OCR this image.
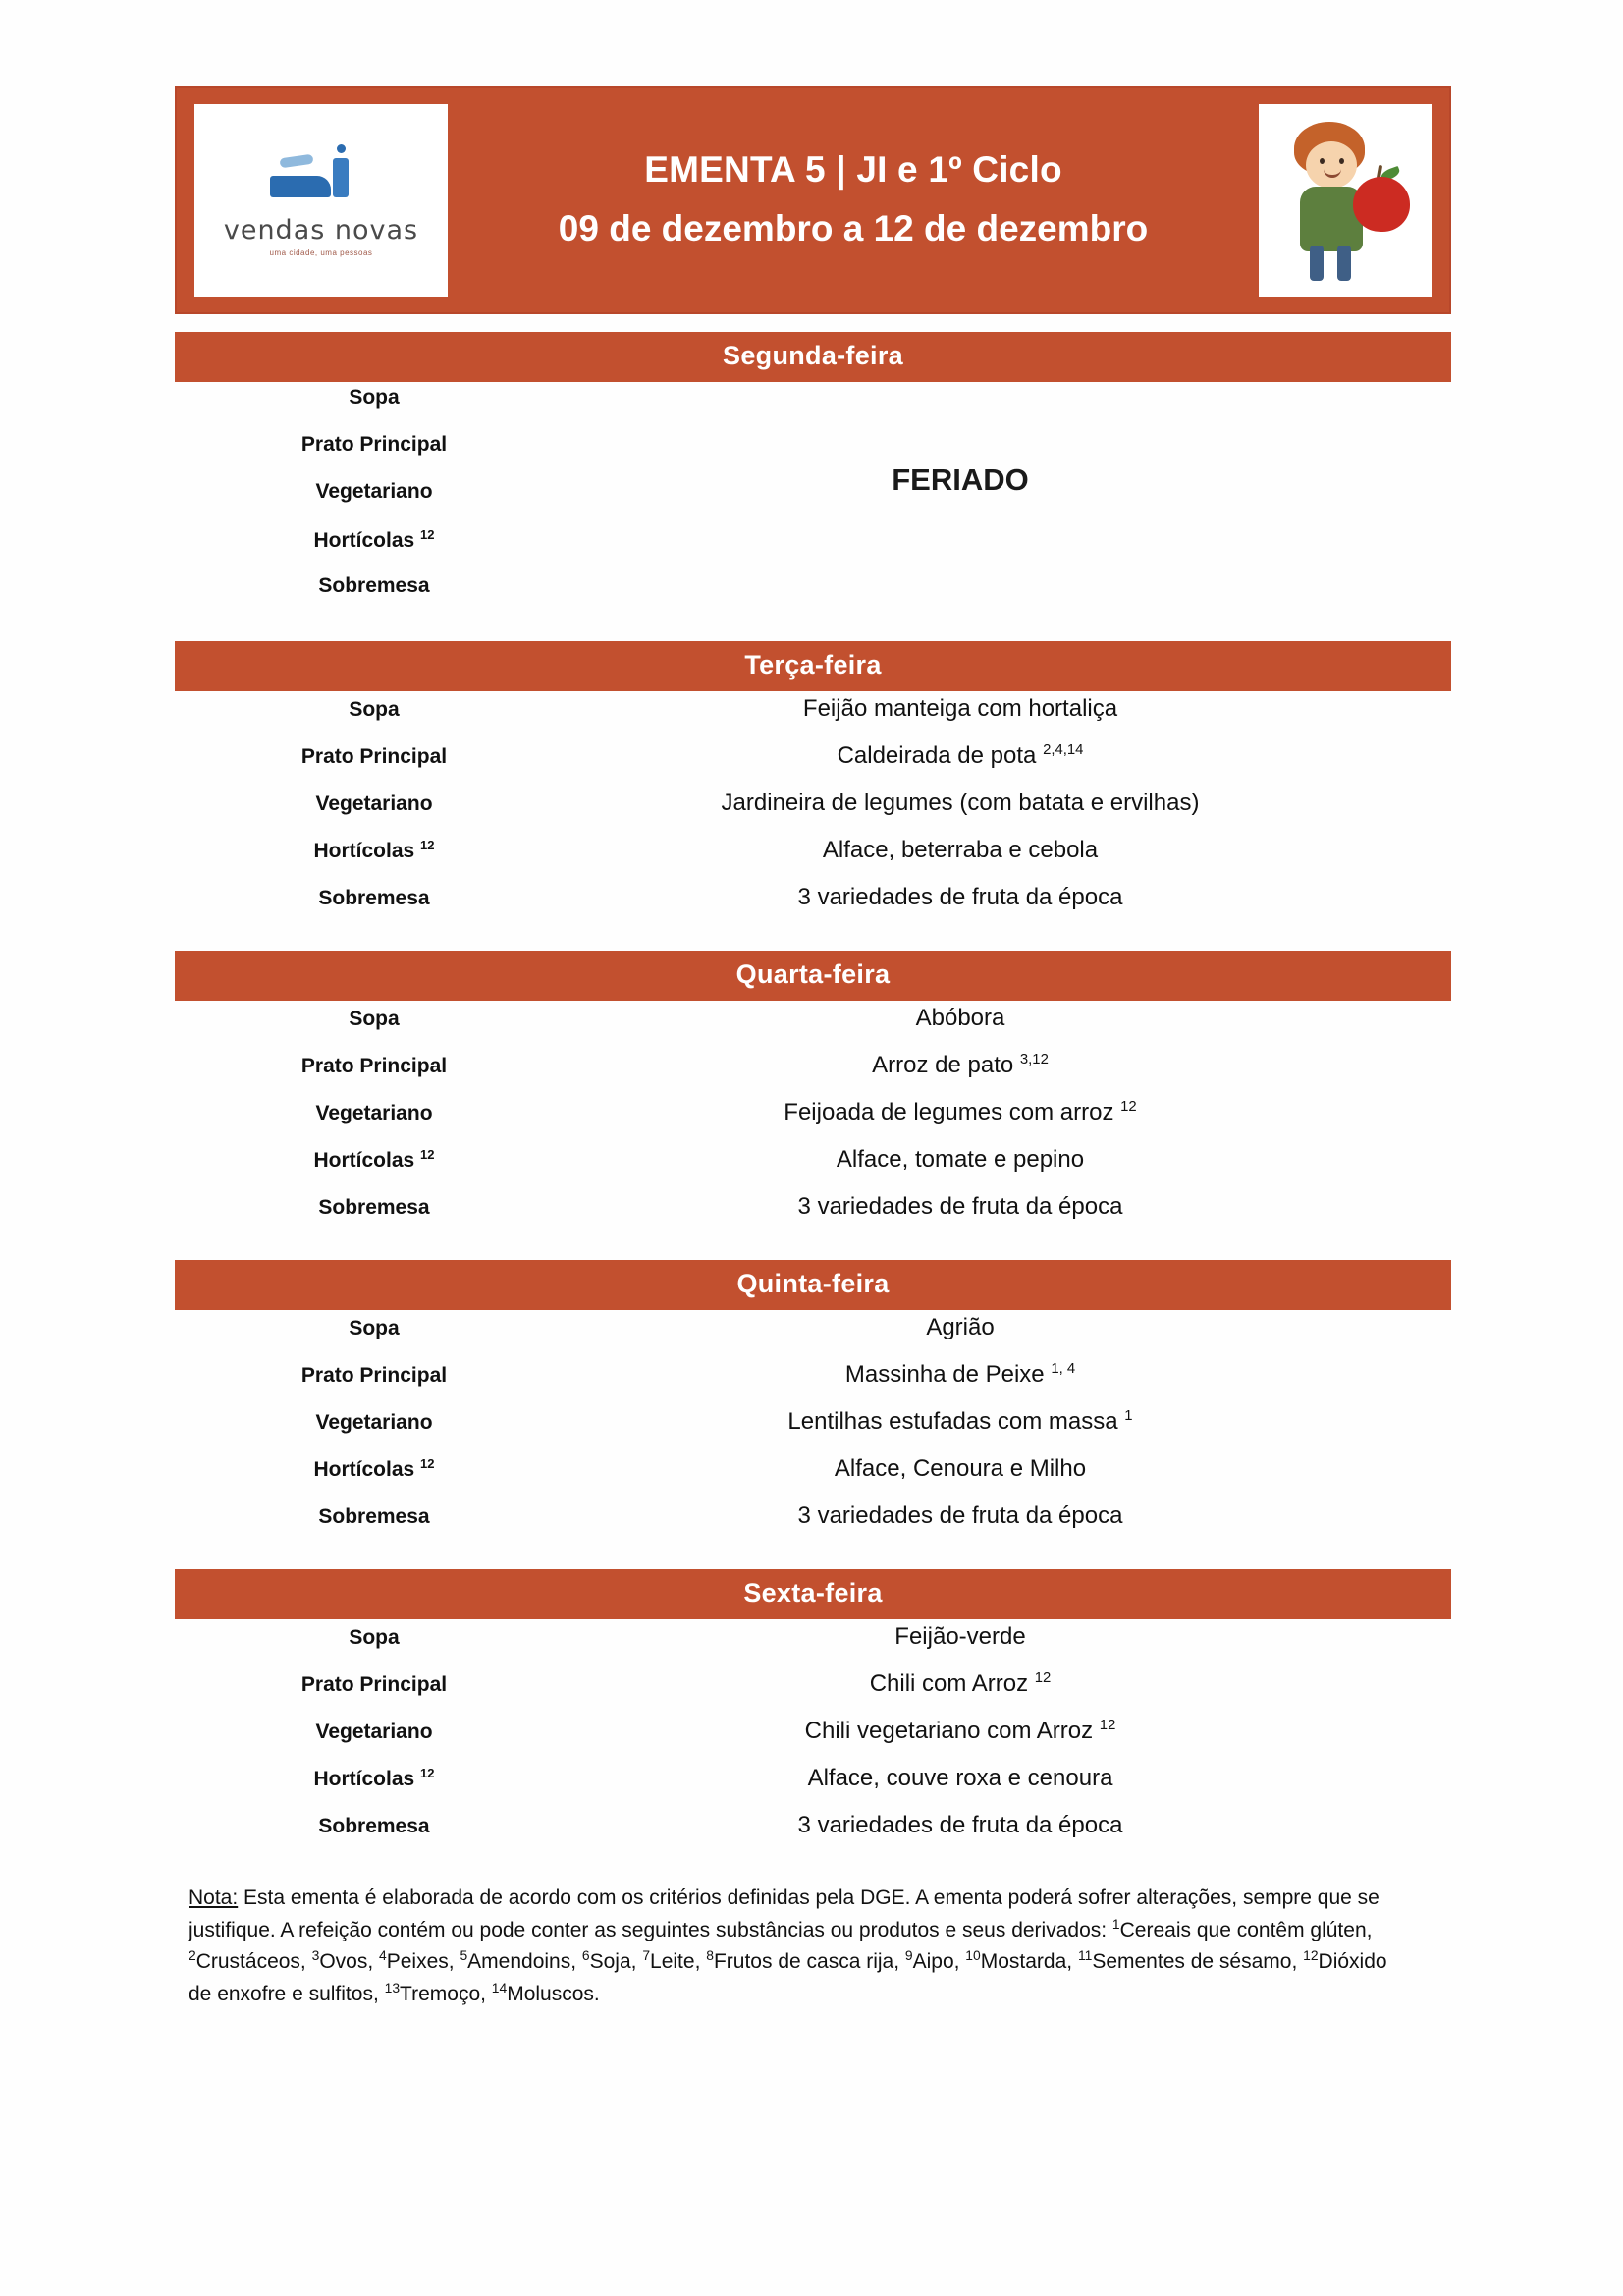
vendas novas
uma cidade, uma pessoas
EMENTA 5 | JI e 1º Ciclo
09 de dezembro a 12 de dezembro
Segunda-feira
Sopa
Prato Principal
Vegetariano
Hortícolas $^{12}$
Sobremesa
FERIADO
Terça-feira
Sopa	Feijão manteiga com hortaliça
Prato Principal	Caldeirada de pota $^{2,4,14}$
Vegetariano	Jardineira de legumes (com batata e ervilhas)
Hortícolas $^{12}$	Alface, beterraba e cebola
Sobremesa	3 variedades de fruta da época
Quarta-feira
Sopa	Abóbora
Prato Principal	Arroz de pato $^{3,12}$
Vegetariano	Feijoada de legumes com arroz $^{12}$
Hortícolas $^{12}$	Alface, tomate e pepino
Sobremesa	3 variedades de fruta da época
Quinta-feira
Sopa	Agrião
Prato Principal	Massinha de Peixe $^{1, 4}$
Vegetariano	Lentilhas estufadas com massa $^1$
Hortícolas $^{12}$	Alface, Cenoura e Milho
Sobremesa	3 variedades de fruta da época
Sexta-feira
Sopa	Feijão-verde
Prato Principal	Chili com Arroz $^{12}$
Vegetariano	Chili vegetariano com Arroz $^{12}$
Hortícolas $^{12}$	Alface, couve roxa e cenoura
Sobremesa	3 variedades de fruta da época
Nota: Esta ementa é elaborada de acordo com os critérios definidas pela DGE. A ementa poderá sofrer alterações, sempre que se justifique. A refeição contém ou pode conter as seguintes substâncias ou produtos e seus derivados: $^1$Cereais que contêm glúten, $^2$Crustáceos, $^3$Ovos, $^4$Peixes, $^5$Amendoins, $^6$Soja, $^7$Leite, $^8$Frutos de casca rija, $^9$Aipo, $^{10}$Mostarda, $^{11}$Sementes de sésamo, $^{12}$Dióxido de enxofre e sulfitos, $^{13}$Tremoço, $^{14}$Moluscos.
